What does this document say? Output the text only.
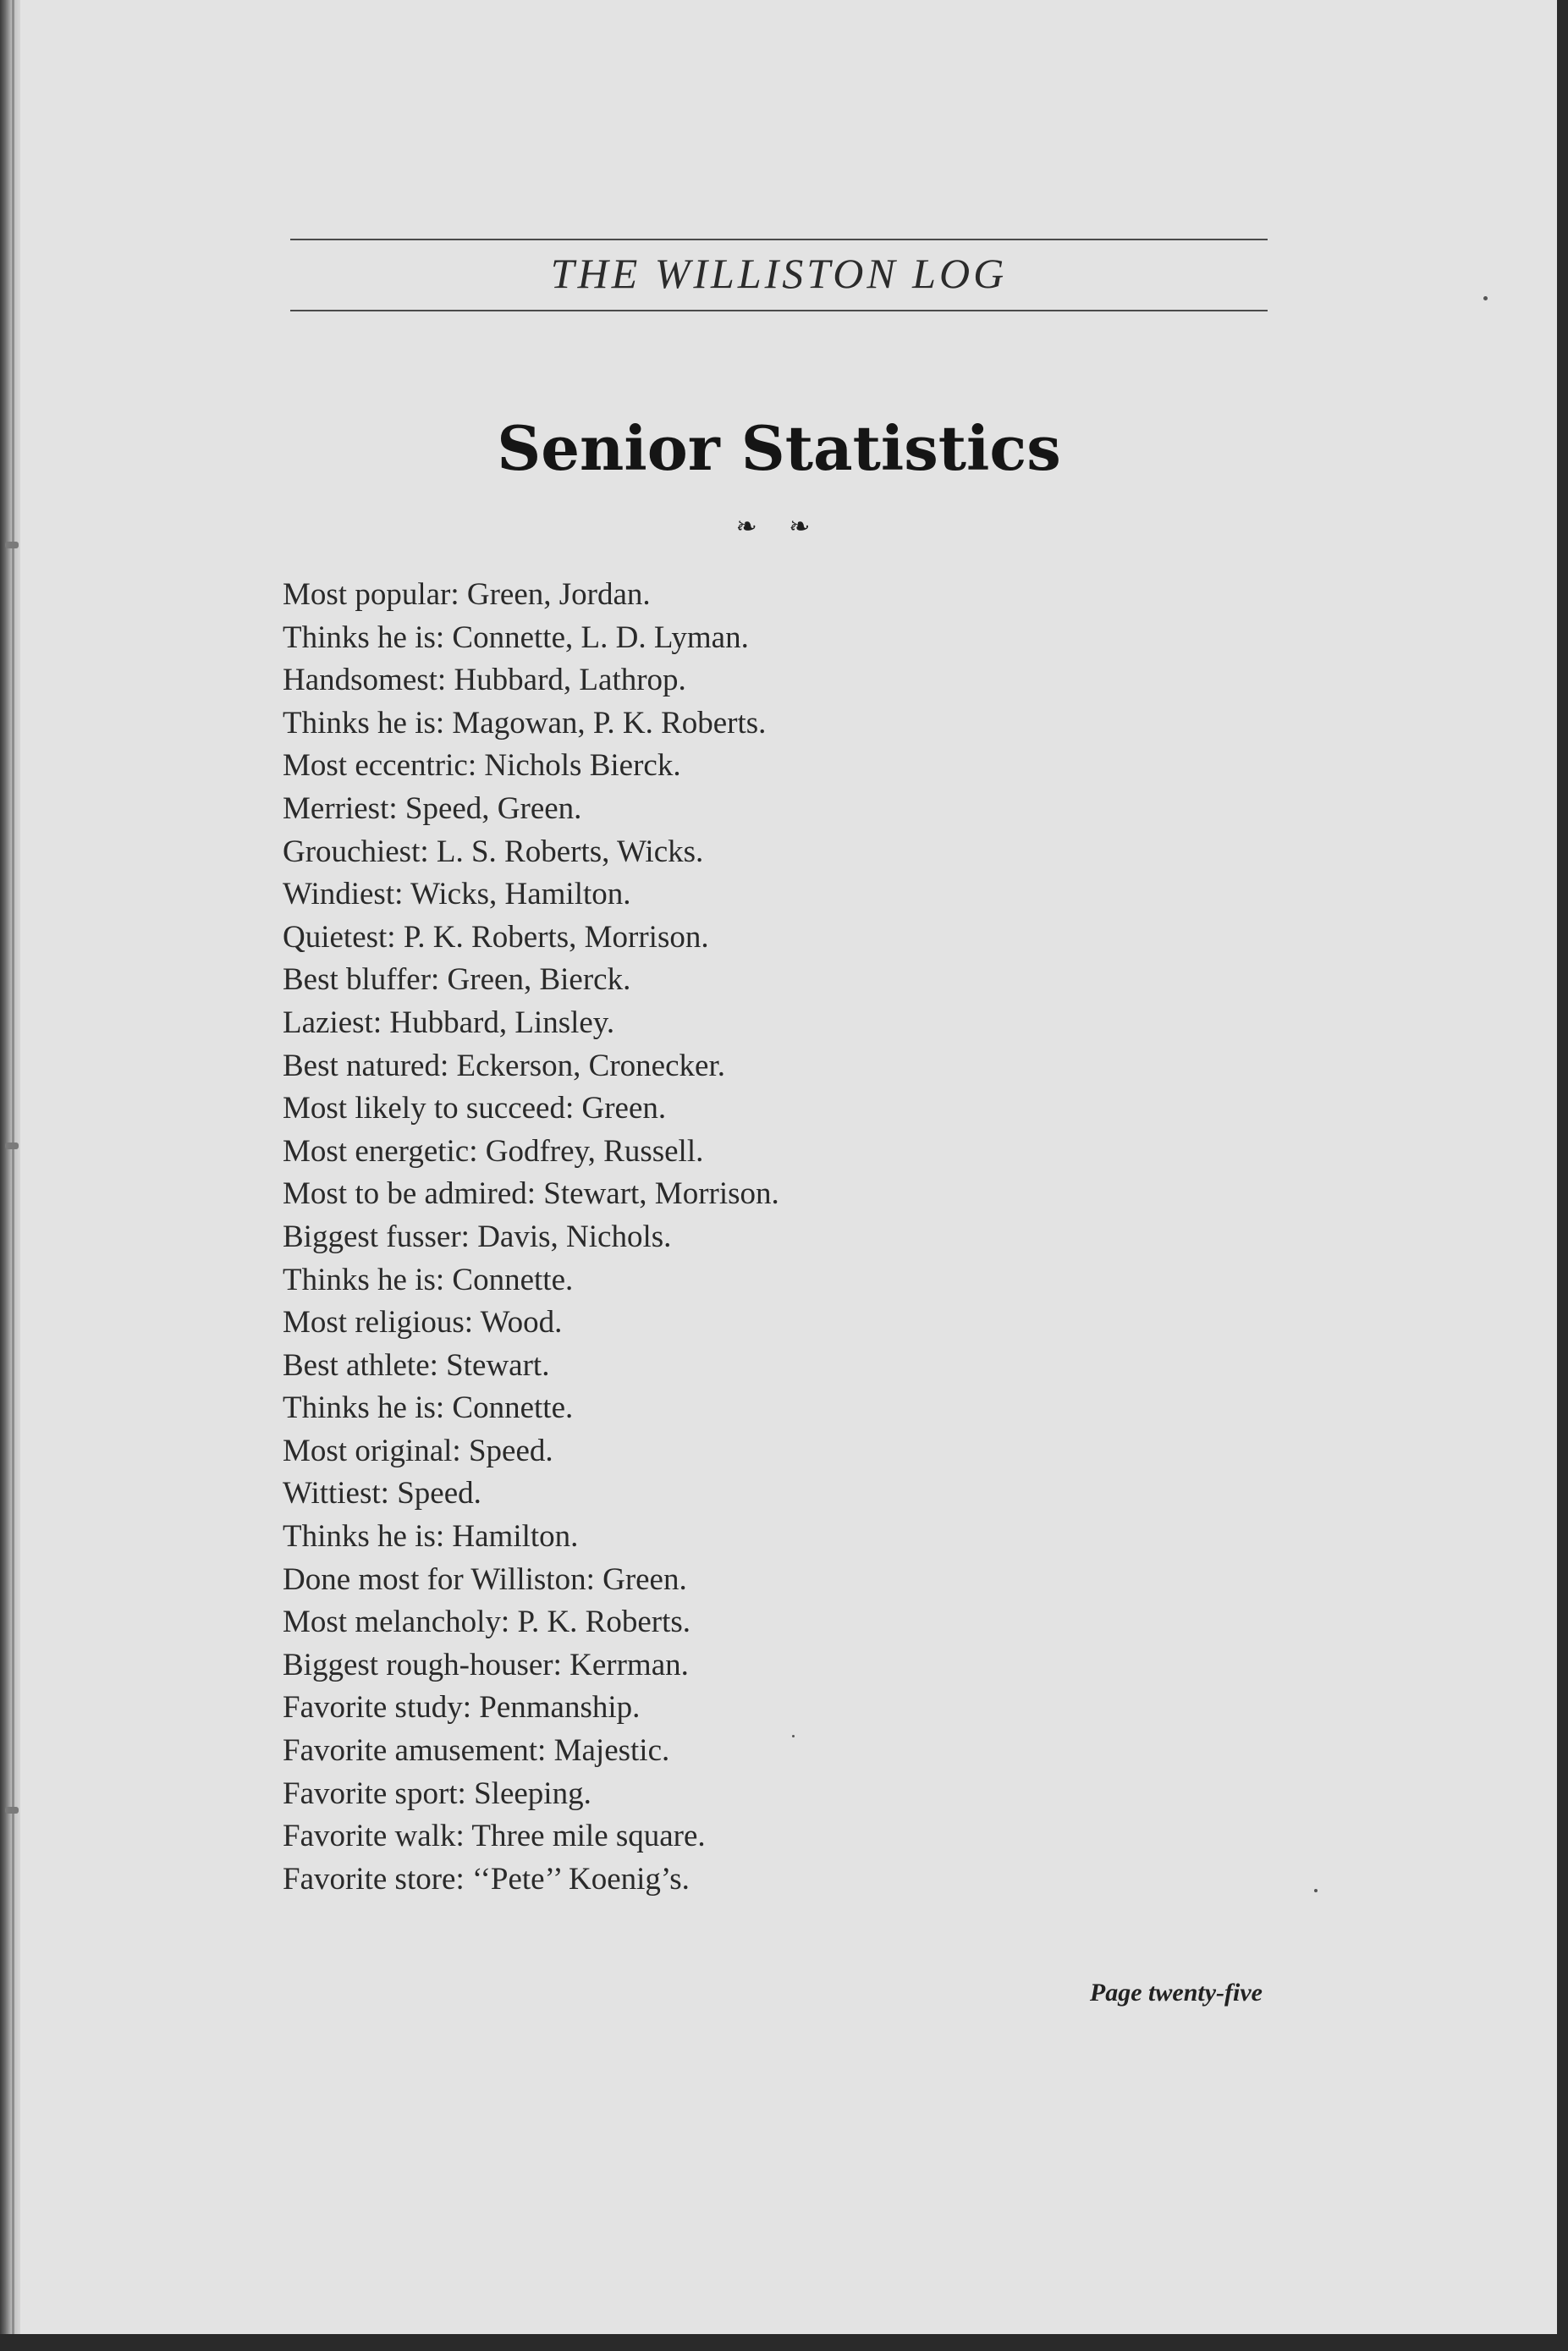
THE WILLISTON LOG
Senior Statistics
❧ ❧
Most popular: Green, Jordan.
Thinks he is: Connette, L. D. Lyman.
Handsomest: Hubbard, Lathrop.
Thinks he is: Magowan, P. K. Roberts.
Most eccentric: Nichols Bierck.
Merriest: Speed, Green.
Grouchiest: L. S. Roberts, Wicks.
Windiest: Wicks, Hamilton.
Quietest: P. K. Roberts, Morrison.
Best bluffer: Green, Bierck.
Laziest: Hubbard, Linsley.
Best natured: Eckerson, Cronecker.
Most likely to succeed: Green.
Most energetic: Godfrey, Russell.
Most to be admired: Stewart, Morrison.
Biggest fusser: Davis, Nichols.
Thinks he is: Connette.
Most religious: Wood.
Best athlete: Stewart.
Thinks he is: Connette.
Most original: Speed.
Wittiest: Speed.
Thinks he is: Hamilton.
Done most for Williston: Green.
Most melancholy: P. K. Roberts.
Biggest rough-houser: Kerrman.
Favorite study: Penmanship.
Favorite amusement: Majestic.
Favorite sport: Sleeping.
Favorite walk: Three mile square.
Favorite store: ‘‘Pete’’ Koenig’s.
Page twenty-five
